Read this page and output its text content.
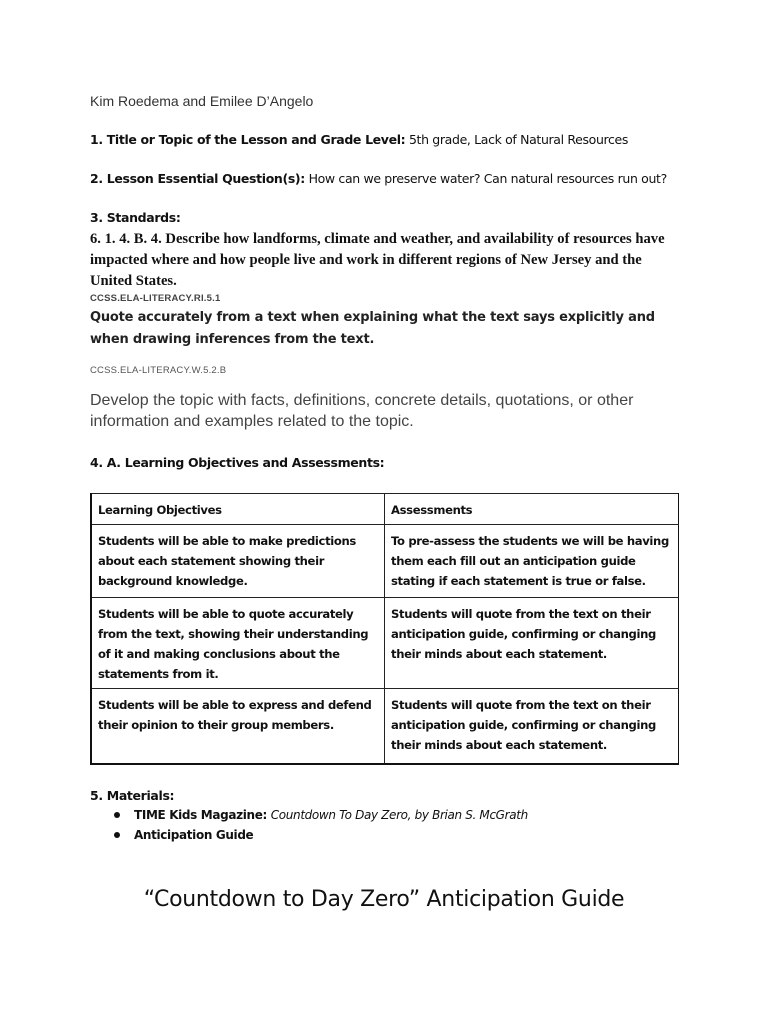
Kim Roedema and Emilee D’Angelo

1. Title or Topic of the Lesson and Grade Level: 5th grade, Lack of Natural Resources

2. Lesson Essential Question(s): How can we preserve water? Can natural resources run out?

3. Standards:

6. 1. 4. B. 4. Describe how landforms, climate and weather, and availability of resources have impacted where and how people live and work in different regions of New Jersey and the United States.

CCSS.ELA-LITERACY.RI.5.1

Quote accurately from a text when explaining what the text says explicitly and when drawing inferences from the text.

CCSS.ELA-LITERACY.W.5.2.B

Develop the topic with facts, definitions, concrete details, quotations, or other information and examples related to the topic.

4. A. Learning Objectives and Assessments:

Learning Objectives	Assessments
Students will be able to make predictions about each statement showing their background knowledge.	To pre-assess the students we will be having them each fill out an anticipation guide stating if each statement is true or false.
Students will be able to quote accurately from the text, showing their understanding of it and making conclusions about the statements from it.	Students will quote from the text on their anticipation guide, confirming or changing their minds about each statement.
Students will be able to express and defend their opinion to their group members.	Students will quote from the text on their anticipation guide, confirming or changing their minds about each statement.

5. Materials:

TIME Kids Magazine: Countdown To Day Zero, by Brian S. McGrath
Anticipation Guide

“Countdown to Day Zero” Anticipation Guide
